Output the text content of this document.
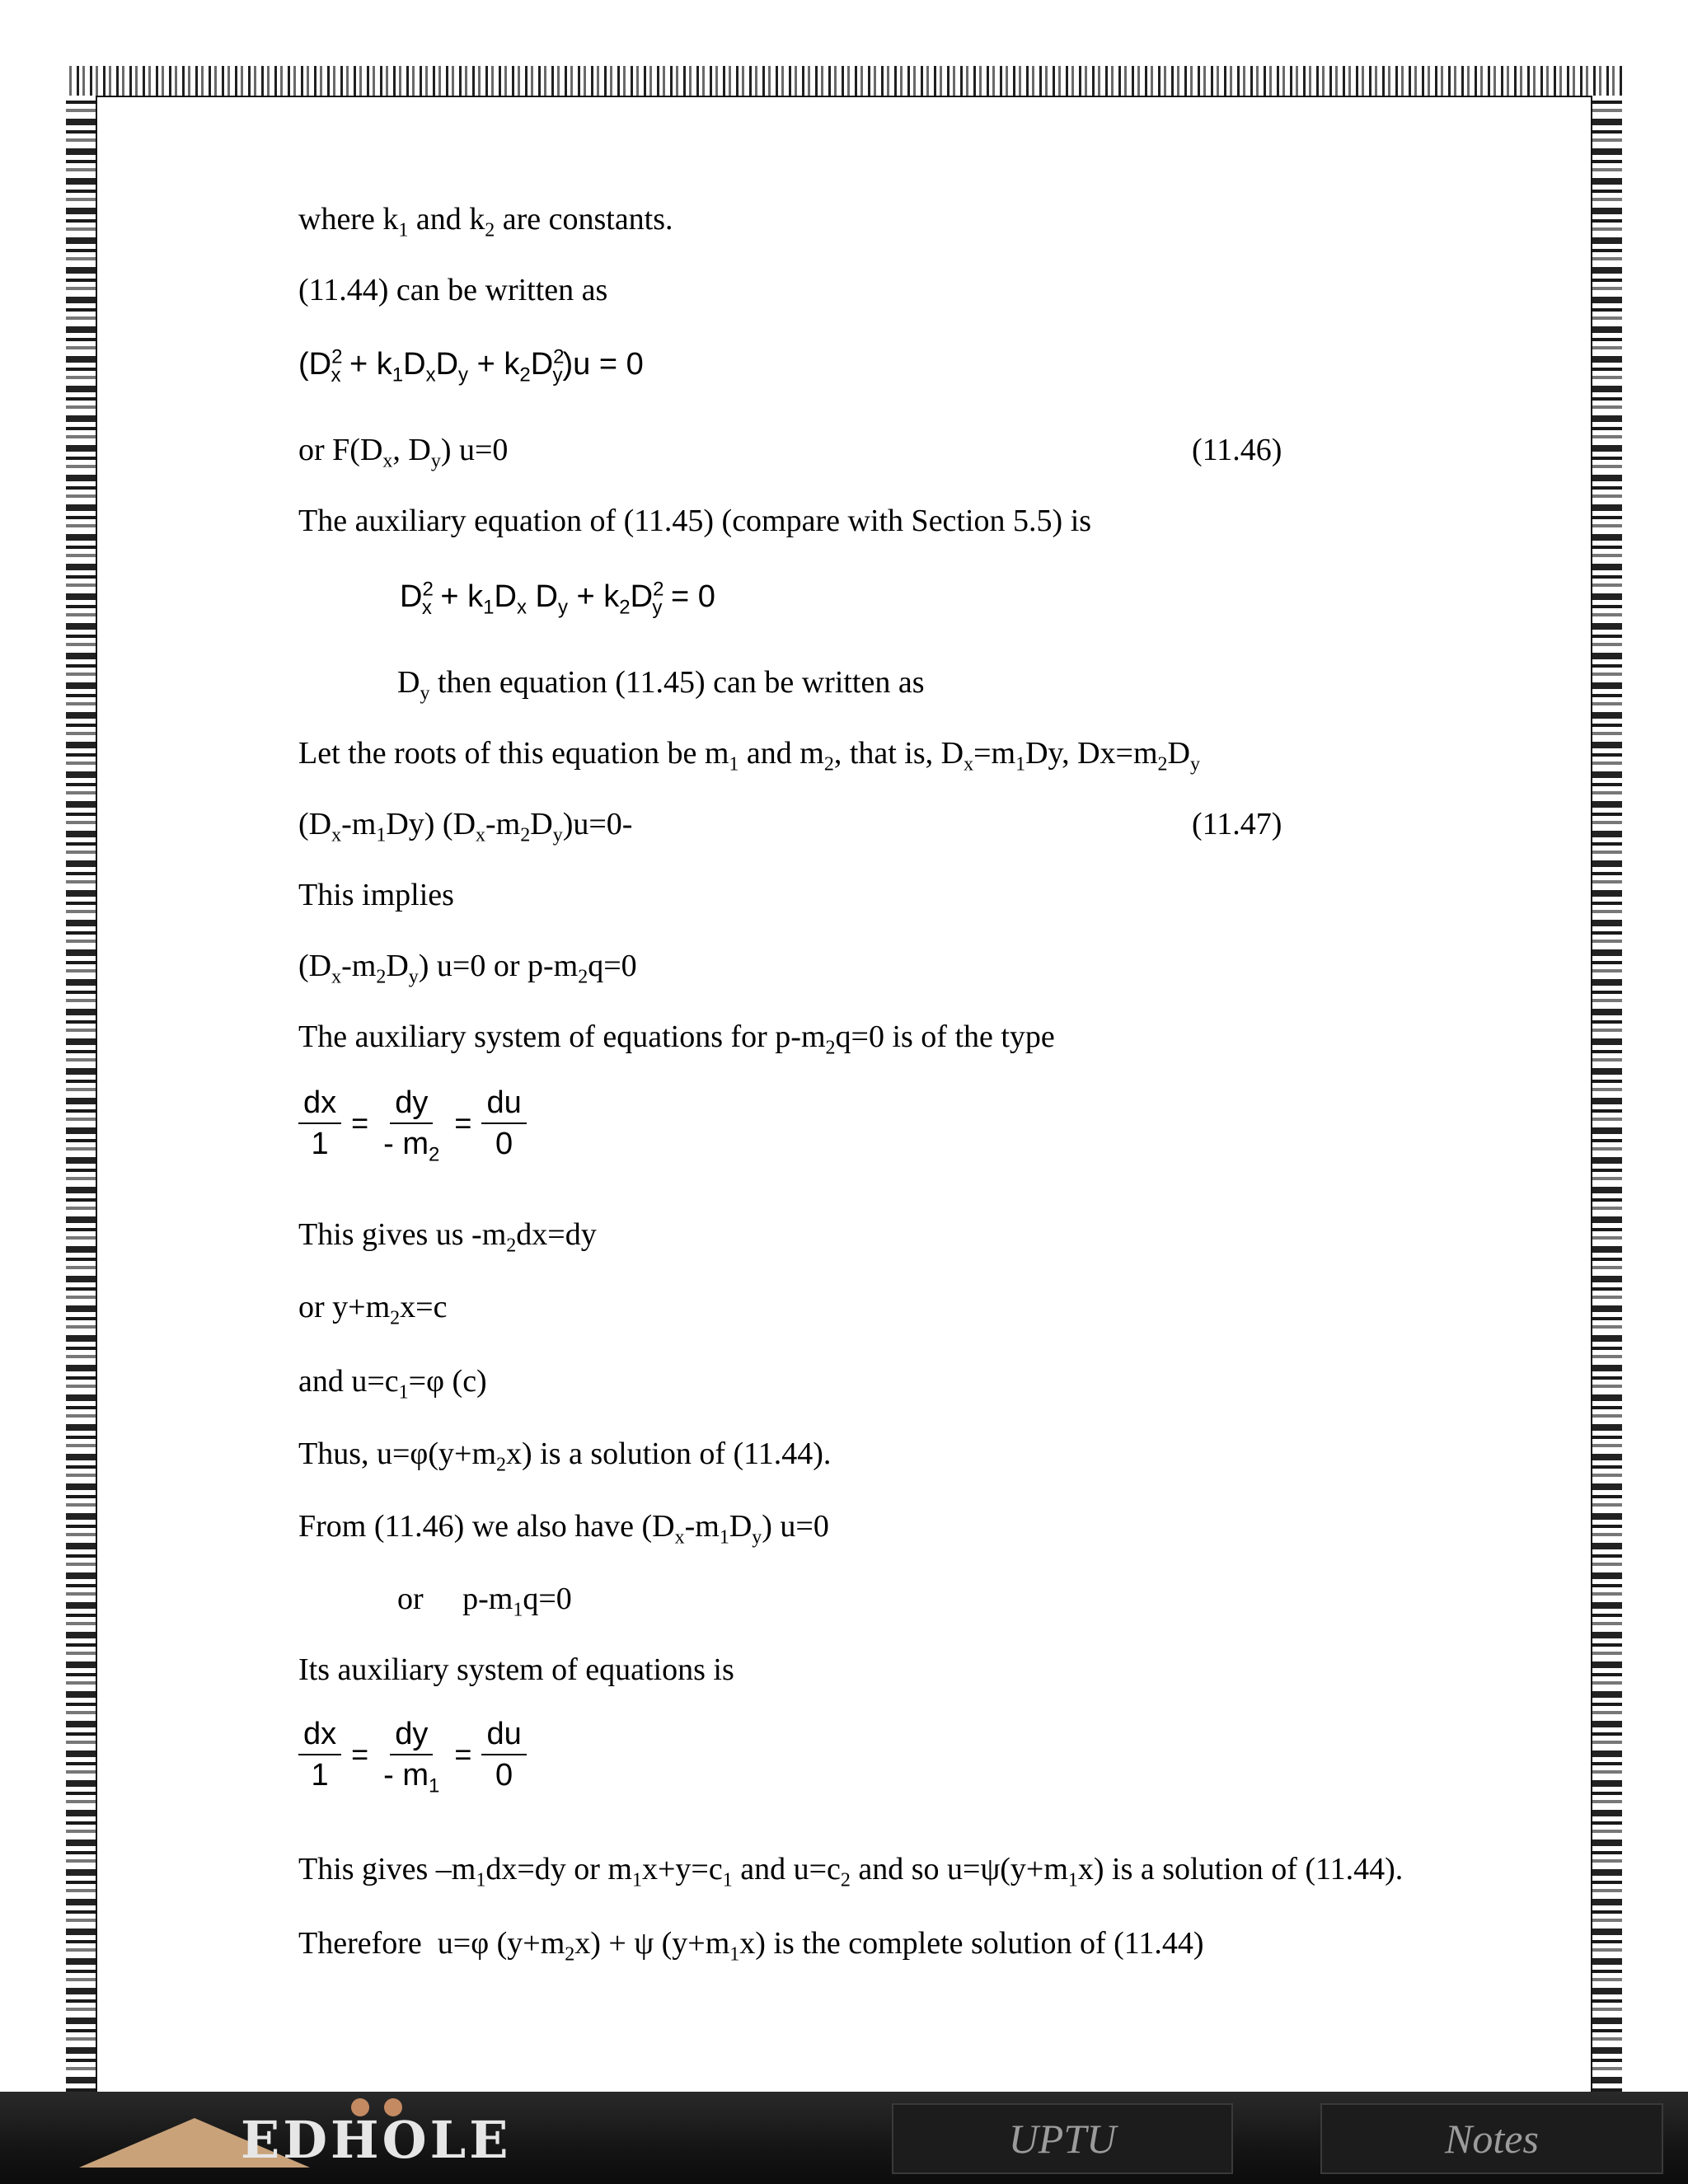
where $k_1$ and $k_2$ are constants.
(11.44) can be written as
$(D^2_x + k_1D_xD_y + k_2D^2_y)u = 0$
or $F(D_x$, $D_y$) u=0	(11.46)
The auxiliary equation of (11.45) (compare with Section 5.5) is
$D^2_x + k_1D_x$ $D_y + k_2D^2_y = 0$
$D_y$ then equation (11.45) can be written as
Let the roots of this equation be $m_1$ and $m_2$, that is, $D_x=m_1Dy$, $Dx=m_2D_y$
$(D_x-m_1Dy)$ $(D_x-m_2D_y)u=0-$	(11.47)
This implies
$(D_x-m_2D_y)$ u=0 or $p-m_2q=0$
The auxiliary system of equations for $p-m_2q=0$ is of the type
$\frac{dx}{1} = \frac{dy}{- m_2} = \frac{du}{0}$
This gives us $-m_2dx=dy$
or $y+m_2x=c$
and $u=c_1=\varphi$ (c)
Thus, $u=\varphi(y+m_2x)$ is a solution of (11.44).
From (11.46) we also have $(D_x-m_1D_y)$ u=0
or     $p-m_1q=0$
Its auxiliary system of equations is
$\frac{dx}{1} = \frac{dy}{- m_1} = \frac{du}{0}$
This gives $-m_1dx=dy$ or $m_1x+y=c_1$ and $u=c_2$ and so $u=\psi(y+m_1x)$ is a solution of (11.44).
Therefore  u=φ $(y+m_2x) + \psi$ $(y+m_1x)$ is the complete solution of (11.44)
EDHOLE	UPTU	Notes
